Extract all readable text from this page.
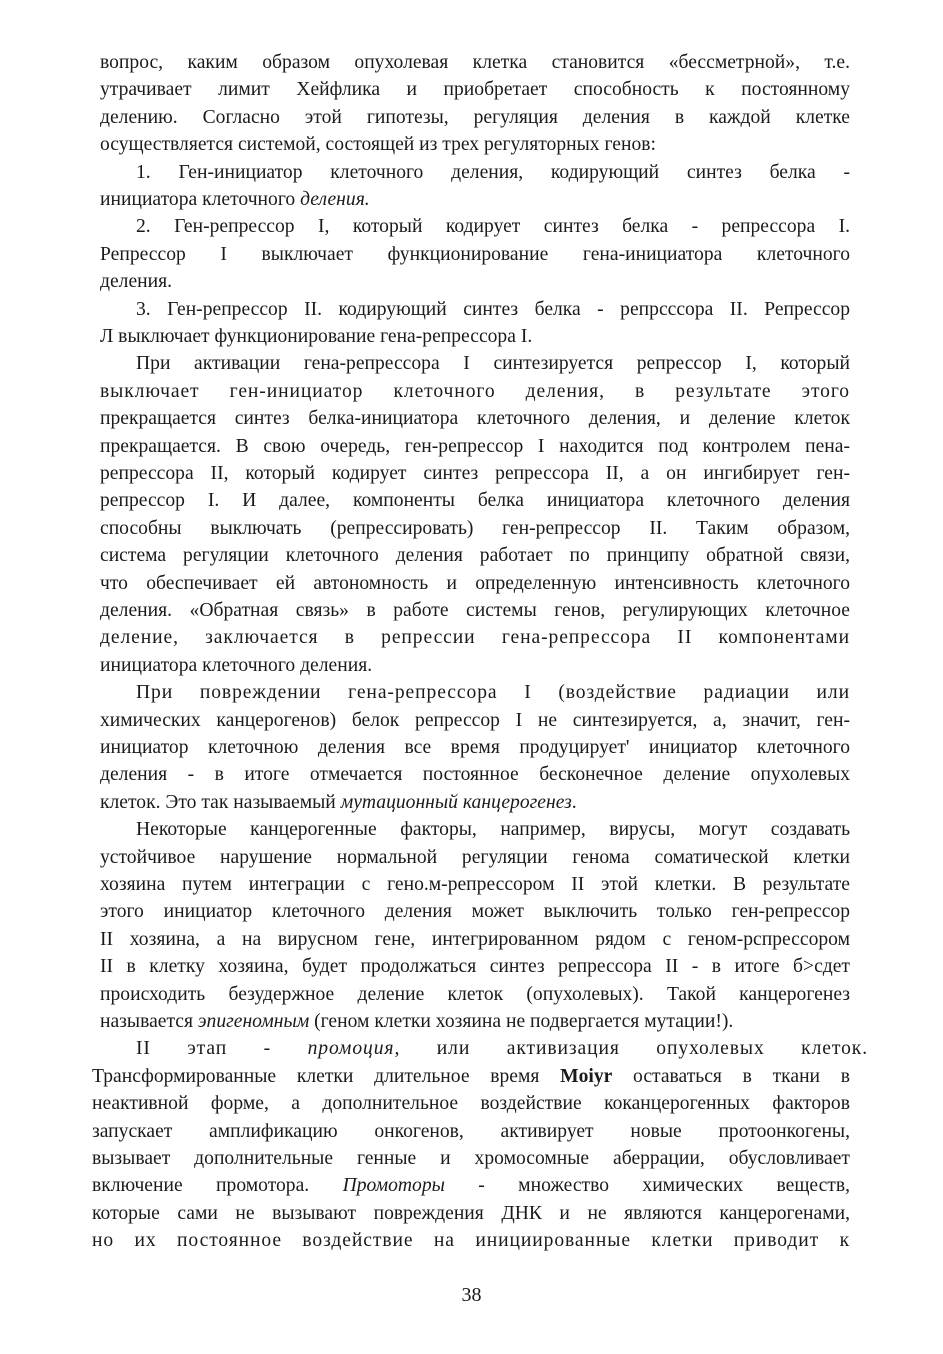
вопрос, каким образом опухолевая клетка становится «бессметрной», т.е.
утрачивает лимит Хейфлика и приобретает способность к постоянному
делению. Согласно этой гипотезы, регуляция деления в каждой клетке
осуществляется системой, состоящей из трех регуляторных генов:
1. Ген-инициатор клеточного деления, кодирующий синтез белка -
инициатора клеточного деления.
2. Ген-репрессор I, который кодирует синтез белка - репрессора I.
Репрессор I выключает функционирование гена-инициатора клеточного
деления.
3. Ген-репрессор II. кодирующий синтез белка - репрсссора II. Репрессор
Л выключает функционирование гена-репрессора I.
При активации гена-репрессора I синтезируется репрессор I, который
выключает ген-инициатор клеточного деления, в результате этого
прекращается синтез белка-инициатора клеточного деления, и деление клеток
прекращается. В свою очередь, ген-репрессор I находится под контролем пена-
репрессора II, который кодирует синтез репрессора II, а он ингибирует ген-
репрессор I. И далее, компоненты белка инициатора клеточного деления
способны выключать (репрессировать) ген-репрессор II. Таким образом,
система регуляции клеточного деления работает по принципу обратной связи,
что обеспечивает ей автономность и определенную интенсивность клеточного
деления. «Обратная связь» в работе системы генов, регулирующих клеточное
деление, заключается в репрессии гена-репрессора II компонентами
инициатора клеточного деления.
При повреждении гена-репрессора I (воздействие радиации или
химических канцерогенов) белок репрессор I не синтезируется, а, значит, ген-
инициатор клеточною деления все время продуцирует' инициатор клеточного
деления - в итоге отмечается постоянное бесконечное деление опухолевых
клеток. Это так называемый мутационный канцерогенез.
Некоторые канцерогенные факторы, например, вирусы, могут создавать
устойчивое нарушение нормальной регуляции генома соматической клетки
хозяина путем интеграции с гено.м-репрессором II этой клетки. В результате
этого инициатор клеточного деления может выключить только ген-репрессор
II хозяина, а на вирусном гене, интегрированном рядом с геном-рспрессором
II в клетку хозяина, будет продолжаться синтез репрессора II - в итоге б>сдет
происходить безудержное деление клеток (опухолевых). Такой канцерогенез
называется эпигеномным (геном клетки хозяина не подвергается мутации!).
II этап - промоция, или активизация опухолевых клеток.
Трансформированные клетки длительное время Moiyr оставаться в ткани в
неактивной форме, а дополнительное воздействие коканцерогенных факторов
запускает амплификацию онкогенов, активирует новые протоонкогены,
вызывает дополнительные генные и хромосомные аберрации, обусловливает
включение промотора. Промоторы - множество химических веществ,
которые сами не вызывают повреждения ДНК и не являются канцерогенами,
но их постоянное воздействие на инициированные клетки приводит к
38
